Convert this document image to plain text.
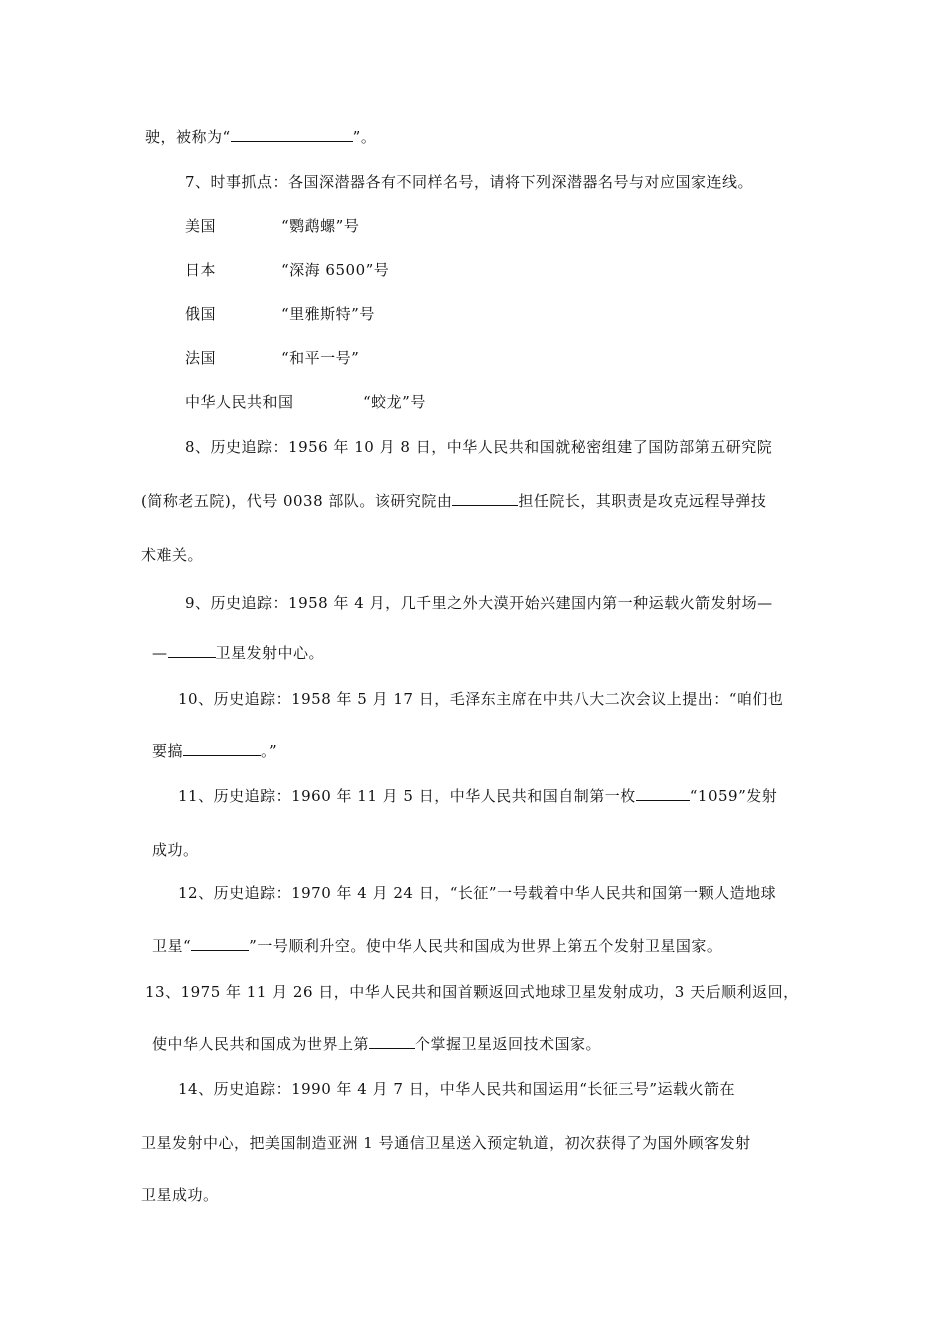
驶，被称为“	”。
7、时事抓点：各国深潜器各有不同样名号，请将下列深潜器名号与对应国家连线。
美国	“鹦鹉螺”号
日本	“深海 6500”号
俄国	“里雅斯特”号
法国	“和平一号”
中华人民共和国	“蛟龙”号
8、历史追踪：1956 年 10 月 8 日，中华人民共和国就秘密组建了国防部第五研究院
(简称老五院)，代号 0038 部队。该研究院由	担任院长，其职责是攻克远程导弹技
术难关。
9、历史追踪：1958 年 4 月，几千里之外大漠开始兴建国内第一种运载火箭发射场—
—	卫星发射中心。
10、历史追踪：1958 年 5 月 17 日，毛泽东主席在中共八大二次会议上提出：“咱们也
要搞	。”
11、历史追踪：1960 年 11 月 5 日，中华人民共和国自制第一枚	“1059”发射
成功。
12、历史追踪：1970 年 4 月 24 日，“长征”一号载着中华人民共和国第一颗人造地球
卫星“	”一号顺利升空。使中华人民共和国成为世界上第五个发射卫星国家。
13、1975 年 11 月 26 日，中华人民共和国首颗返回式地球卫星发射成功，3 天后顺利返回，
使中华人民共和国成为世界上第	个掌握卫星返回技术国家。
14、历史追踪：1990 年 4 月 7 日，中华人民共和国运用“长征三号”运载火箭在
卫星发射中心，把美国制造亚洲 1 号通信卫星送入预定轨道，初次获得了为国外顾客发射
卫星成功。
